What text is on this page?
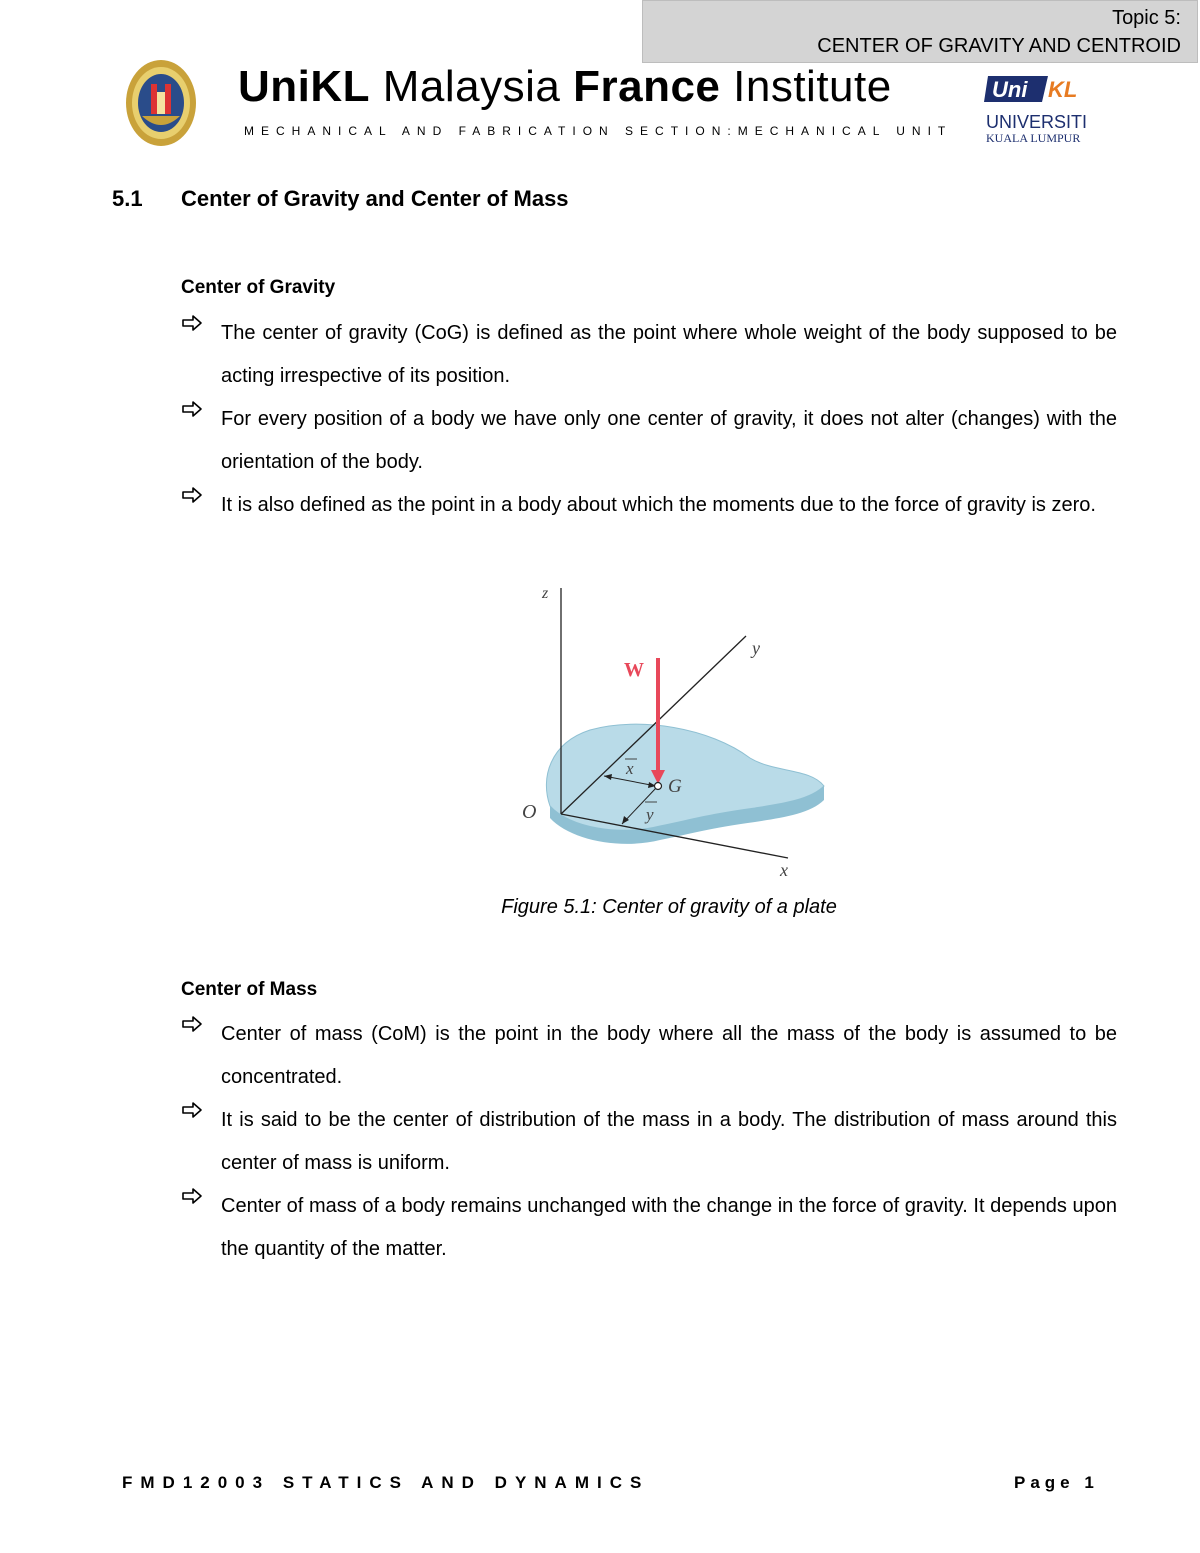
Topic 5:
CENTER OF GRAVITY AND CENTROID
UniKL Malaysia France Institute
MECHANICAL AND FABRICATION SECTION:MECHANICAL UNIT
Uni KL
UNIVERSITI
KUALA LUMPUR
5.1 Center of Gravity and Center of Mass
Center of Gravity
The center of gravity (CoG) is defined as the point where whole weight of the body supposed to be acting irrespective of its position.
For every position of a body we have only one center of gravity, it does not alter (changes) with the orientation of the body.
It is also defined as the point in a body about which the moments due to the force of gravity is zero.
z
y
x
O
W
G
x
y
Figure 5.1: Center of gravity of a plate
Center of Mass
Center of mass (CoM) is the point in the body where all the mass of the body is assumed to be concentrated.
It is said to be the center of distribution of the mass in a body. The distribution of mass around this center of mass is uniform.
Center of mass of a body remains unchanged with the change in the force of gravity. It depends upon the quantity of the matter.
FMD12003 STATICS AND DYNAMICS	Page 1
